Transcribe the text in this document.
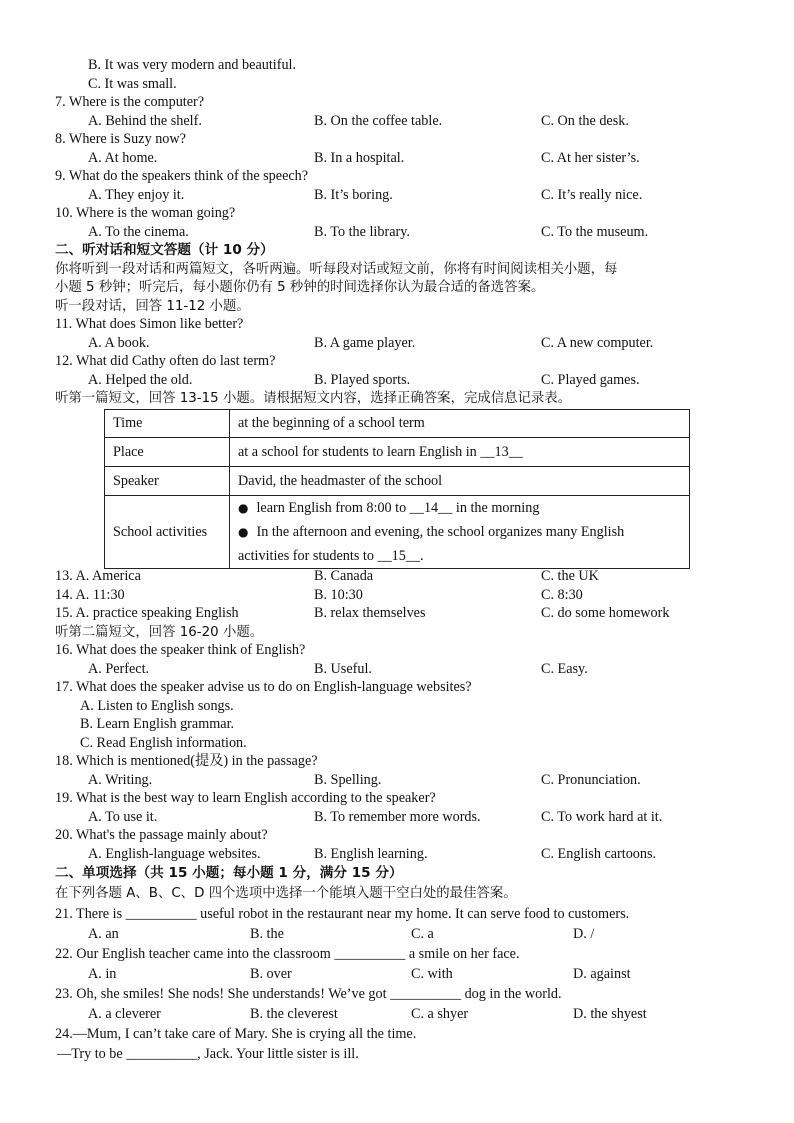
B. It was very modern and beautiful.
C. It was small.
7. Where is the computer?
A. Behind the shelf.	B. On the coffee table.	C. On the desk.
8. Where is Suzy now?
A. At home.	B. In a hospital.	C. At her sister’s.
9. What do the speakers think of the speech?
A. They enjoy it.	B. It’s boring.	C. It’s really nice.
10. Where is the woman going?
A. To the cinema.	B. To the library.	C. To the museum.
二、听对话和短文答题（计 10 分）
你将听到一段对话和两篇短文，各听两遍。听每段对话或短文前，你将有时间阅读相关小题，每
小题 5 秒钟；听完后，每小题你仍有 5 秒钟的时间选择你认为最合适的备选答案。
听一段对话，回答 11-12 小题。
11. What does Simon like better?
A. A book.	B. A game player.	C. A new computer.
12. What did Cathy often do last term?
A. Helped the old.	B. Played sports.	C. Played games.
听第一篇短文，回答 13-15 小题。请根据短文内容，选择正确答案，完成信息记录表。
Time	at the beginning of a school term
Place	at a school for students to learn English in __13__
Speaker	David, the headmaster of the school
School activities	● learn English from 8:00 to __14__ in the morning
● In the afternoon and evening, the school organizes many English
activities for students to __15__.
13. A. America	B. Canada	C. the UK
14. A. 11:30	B. 10:30	C. 8:30
15. A. practice speaking English	B. relax themselves	C. do some homework
听第二篇短文，回答 16-20 小题。
16. What does the speaker think of English?
A. Perfect.	B. Useful.	C. Easy.
17. What does the speaker advise us to do on English-language websites?
A. Listen to English songs.
B. Learn English grammar.
C. Read English information.
18. Which is mentioned(提及) in the passage?
A. Writing.	B. Spelling.	C. Pronunciation.
19. What is the best way to learn English according to the speaker?
A. To use it.	B. To remember more words.	C. To work hard at it.
20. What's the passage mainly about?
A. English-language websites.	B. English learning.	C. English cartoons.
二、单项选择（共 15 小题；每小题 1 分，满分 15 分）
在下列各题 A、B、C、D 四个选项中选择一个能填入题干空白处的最佳答案。
21. There is __________ useful robot in the restaurant near my home. It can serve food to customers.
A. an	B. the	C. a	D. /
22. Our English teacher came into the classroom __________ a smile on her face.
A. in	B. over	C. with	D. against
23. Oh, she smiles! She nods! She understands! We’ve got __________ dog in the world.
A. a cleverer	B. the cleverest	C. a shyer	D. the shyest
24.—Mum, I can’t take care of Mary. She is crying all the time.
—Try to be __________, Jack. Your little sister is ill.
